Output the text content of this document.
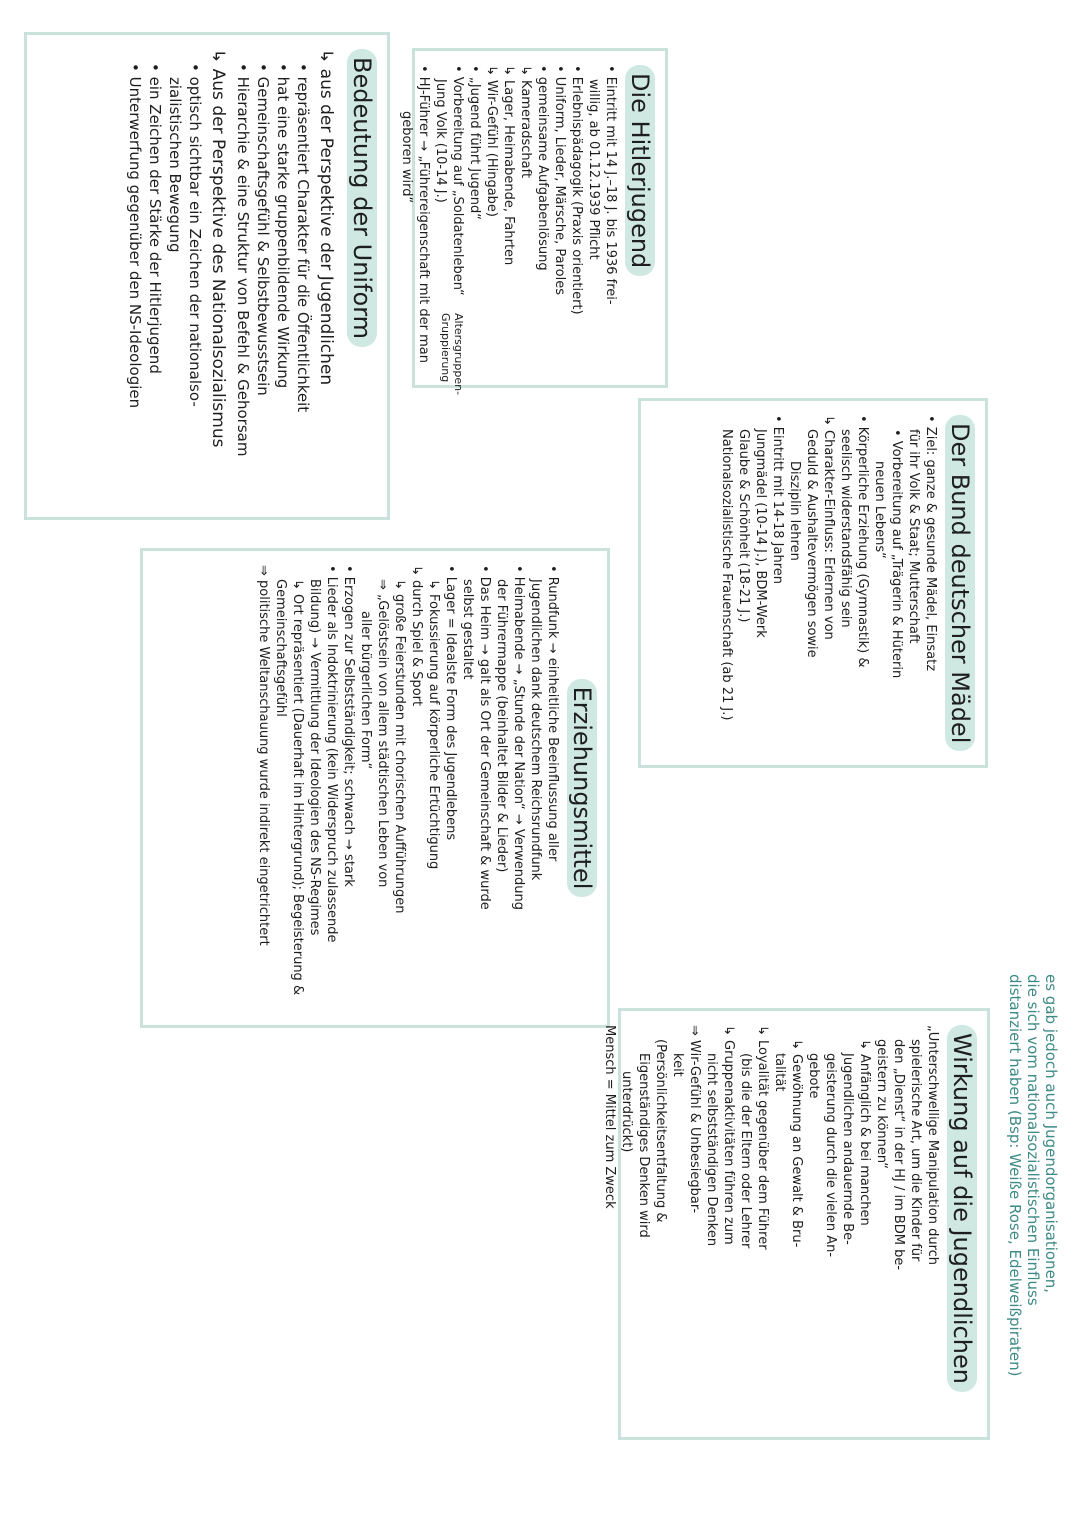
Die Hitlerjugend

• Eintritt mit 14 J.–18 J. bis 1936 frei-

willig, ab 01.12.1939 Pflicht

• Erlebnispädagogik (Praxis orientiert)

• Uniform, Lieder, Märsche, Paroles

• gemeinsame Aufgabenlösung

↳ Kameradschaft

↳ Lager, Heimabende, Fahrten

↳ Wir-Gefühl (Hingabe)

• „Jugend führt Jugend“

• Vorbereitung auf „Soldatenleben“

Jung Volk (10-14 J.)

• HJ-Führer → „Führereigenschaft mit der man

geboren wird“

Altersgruppen-Gruppierung
Der Bund deutscher Mädel

• Ziel: ganze & gesunde Mädel, Einsatz

für ihr Volk & Staat; Mutterschaft

• Vorbereitung auf „Trägerin & Hüterin

neuen Lebens“

• Körperliche Erziehung (Gymnastik) &

seelisch widerstandsfähig sein

↳ Charakter-Einfluss: Erlernen von

Geduld & Aushaltevermögen sowie

Disziplin lehren

• Eintritt mit 14-18 Jahren

Jungmädel (10-14 J.), BDM-Werk

Glaube & Schönheit (18-21 J.)

Nationalsozialistische Frauenschaft (ab 21 J.)

Bedeutung der Uniform
↳ aus der Perspektive der Jugendlichen

• repräsentiert Charakter für die Öffentlichkeit

• hat eine starke gruppenbildende Wirkung

• Gemeinschaftsgefühl & Selbstbewusstsein

• Hierarchie & eine Struktur von Befehl & Gehorsam

↳ Aus der Perspektive des Nationalsozialismus

• optisch sichtbar ein Zeichen der nationalso-

zialistischen Bewegung

• ein Zeichen der Stärke der Hitlerjugend

• Unterwerfung gegenüber den NS-Ideologien

Erziehungsmittel

• Rundfunk → einheitliche Beeinflussung aller

Jugendlichen dank deutschem Reichsrundfunk

• Heimabende → „Stunde der Nation“ → Verwendung

der Führermappe (beinhaltet Bilder & Lieder)

• Das Heim → galt als Ort der Gemeinschaft & wurde

selbst gestaltet

• Lager = Idealste Form des Jugendlebens

↳ Fokussierung auf körperliche Ertüchtigung

↳ durch Spiel & Sport

↳ große Feierstunden mit chorischen Aufführungen

⇒ „Gelöstsein von allem städtischen Leben von

aller bürgerlichen Form“

• Erzogen zur Selbstständigkeit; schwach → stark

• Lieder als Indoktrinierung (kein Widerspruch zulassende

Bildung) → Vermittlung der Ideologien des NS-Regimes

↳ Ort repräsentiert (Dauerhaft im Hintergrund); Begeisterung &

Gemeinschaftsgefühl

⇒ politische Weltanschauung wurde indirekt eingetrichtert

Wirkung auf die Jugendlichen

„Unterschwellige Manipulation durch

spielerische Art, um die Kinder für

den „Dienst“ in der HJ / im BDM be-

geistern zu können“

↳ Anfänglich & bei manchen

Jugendlichen andauernde Be-

geisterung durch die vielen An-

gebote

↳ Gewöhnung an Gewalt & Bru-

talität

↳ Loyalität gegenüber dem Führer

(bis die der Eltern oder Lehrer

↳ Gruppenaktivitäten führen zum

nicht selbstständigen Denken

⇒ Wir-Gefühl & Unbesiegbar-

keit

(Persönlichkeitsentfaltung &

Eigenständiges Denken wird

unterdrückt)

Mensch = Mittel zum Zweck	es gab jedoch auch Jugendorganisationen,
die sich vom nationalsozialistischen Einfluss
distanziert haben (Bsp: Weiße Rose, Edelweißpiraten)
